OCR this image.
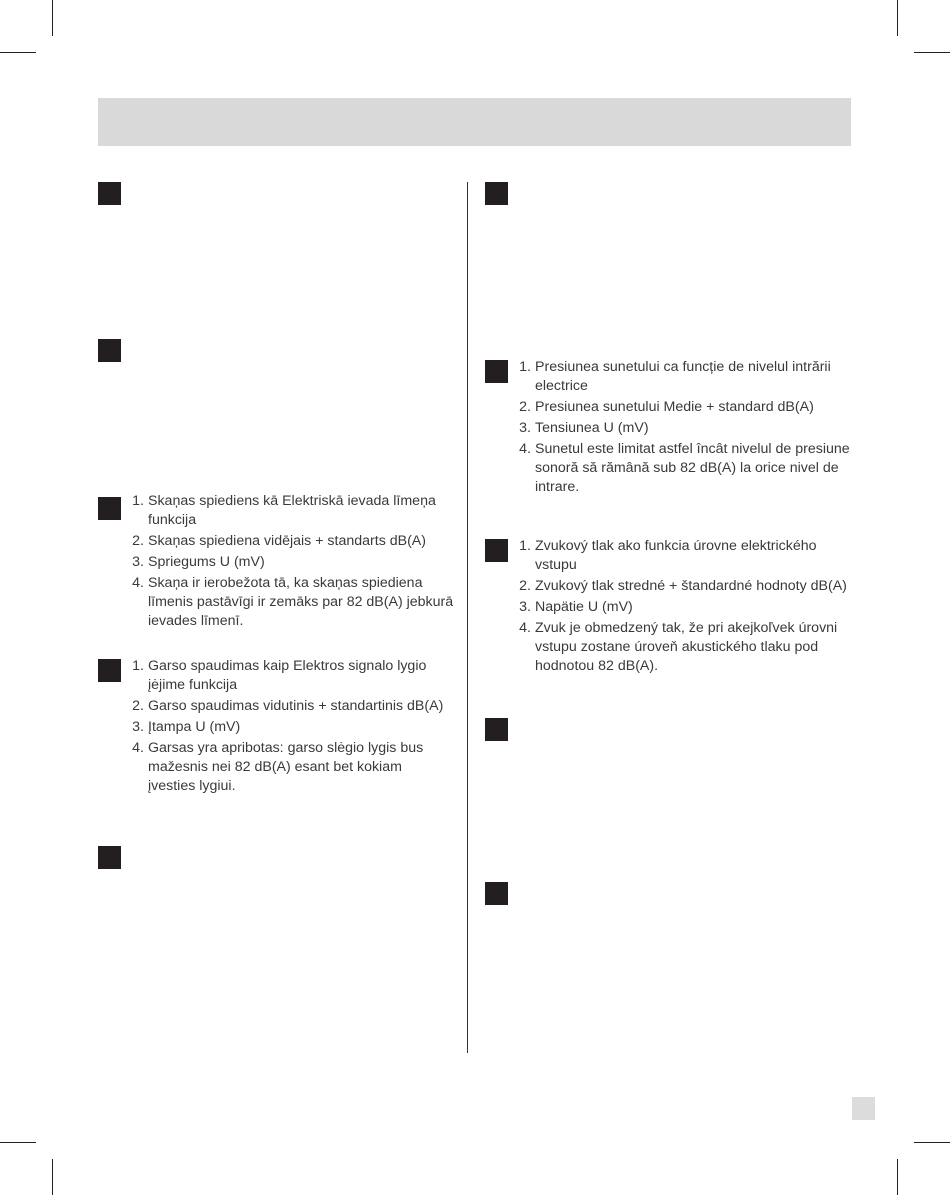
1. Skaņas spiediens kā Elektriskā ievada līmeņa funkcija
2. Skaņas spiediena vidējais + standarts dB(A)
3. Spriegums U (mV)
4. Skaņa ir ierobežota tā, ka skaņas spiediena līmenis pastāvīgi ir zemāks par 82 dB(A) jebkurā ievades līmenī.
1. Garso spaudimas kaip Elektros signalo lygio įėjime funkcija
2. Garso spaudimas vidutinis + standartinis dB(A)
3. Įtampa U (mV)
4. Garsas yra apribotas: garso slėgio lygis bus mažesnis nei 82 dB(A) esant bet kokiam įvesties lygiui.
1. Presiunea sunetului ca funcție de nivelul intrării electrice
2. Presiunea sunetului Medie + standard dB(A)
3. Tensiunea U (mV)
4. Sunetul este limitat astfel încât nivelul de presiune sonoră să rămână sub 82 dB(A) la orice nivel de intrare.
1. Zvukový tlak ako funkcia úrovne elektrického vstupu
2. Zvukový tlak stredné + štandardné hodnoty dB(A)
3. Napätie U (mV)
4. Zvuk je obmedzený tak, že pri akejkoľvek úrovni vstupu zostane úroveň akustického tlaku pod hodnotou 82 dB(A).
